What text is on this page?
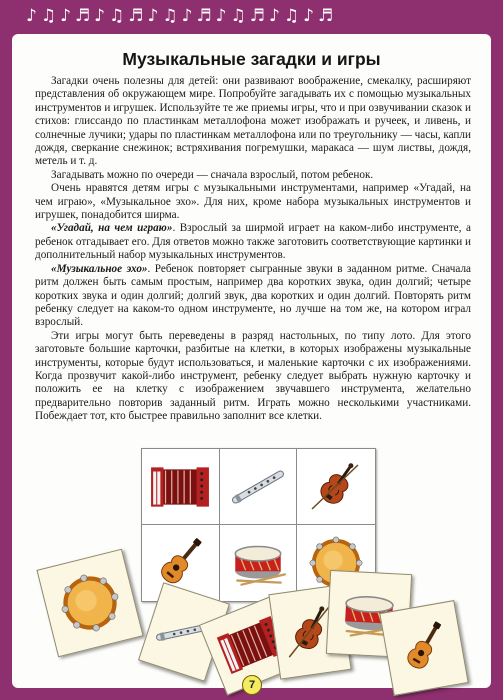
♪♫♪♬♪♫♬♪♫♪♬♪♫♬♪♫♪♬
Музыкальные загадки и игры

Загадки очень полезны для детей: они развивают воображение, смекалку, расширяют представления об окружающем мире. Попробуйте загадывать их с помощью музыкальных инструментов и игрушек. Используйте те же приемы игры, что и при озвучивании сказок и стихов: глиссандо по пластинкам металлофона может изображать и ручеек, и ливень, и солнечные лучики; удары по пластинкам металлофона или по треугольнику — часы, капли дождя, сверкание снежинок; встряхивания погремушки, маракаса — шум листвы, дождя, метель и т. д.

Загадывать можно по очереди — сначала взрослый, потом ребенок.

Очень нравятся детям игры с музыкальными инструментами, например «Угадай, на чем играю», «Музыкальное эхо». Для них, кроме набора музыкальных инструментов и игрушек, понадобится ширма.

«Угадай, на чем играю». Взрослый за ширмой играет на каком-либо инструменте, а ребенок отгадывает его. Для ответов можно также заготовить соответствующие картинки и дополнительный набор музыкальных инструментов.

«Музыкальное эхо». Ребенок повторяет сыгранные звуки в заданном ритме. Сначала ритм должен быть самым простым, например два коротких звука, один долгий; четыре коротких звука и один долгий; долгий звук, два коротких и один долгий. Повторять ритм ребенку следует на каком-то одном инструменте, но лучше на том же, на котором играл взрослый.

Эти игры могут быть переведены в разряд настольных, по типу лото. Для этого заготовьте большие карточки, разбитые на клетки, в которых изображены музыкальные инструменты, которые будут использоваться, и маленькие карточки с их изображениями. Когда прозвучит какой-либо инструмент, ребенку следует выбрать нужную карточку и положить ее на клетку с изображением звучавшего инструмента, желательно предварительно повторив заданный ритм. Играть можно несколькими участниками. Побеждает тот, кто быстрее правильно заполнит все клетки.

7
